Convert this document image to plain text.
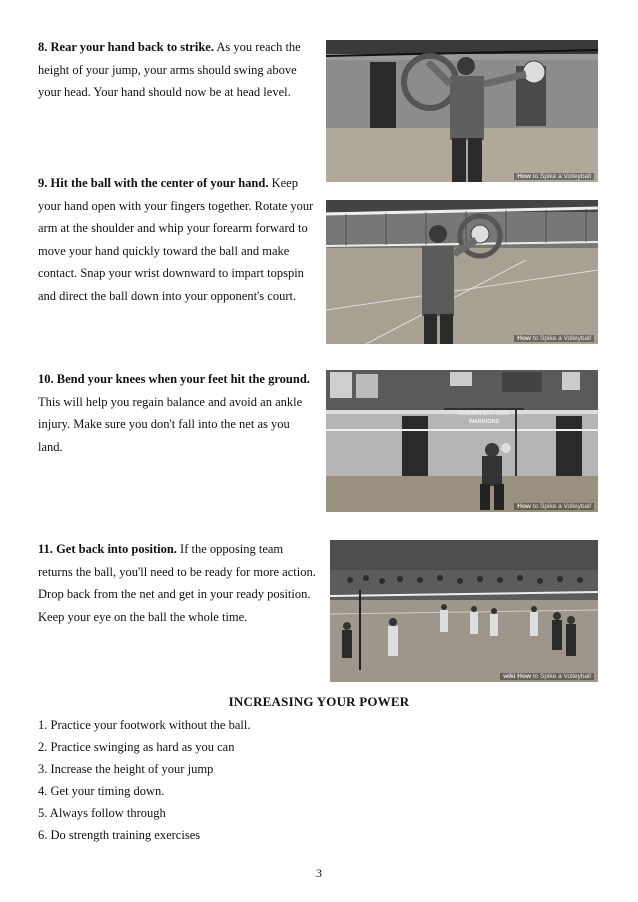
8. Rear your hand back to strike. As you reach the height of your jump, your arms should swing above your head. Your hand should now be at head level.
How to Spike a Volleyball
9. Hit the ball with the center of your hand. Keep your hand open with your fingers together. Rotate your arm at the shoulder and whip your forearm forward to move your hand quickly toward the ball and make contact. Snap your wrist downward to impart topspin and direct the ball down into your opponent's court.
How to Spike a Volleyball
10. Bend your knees when your feet hit the ground. This will help you regain balance and avoid an ankle injury. Make sure you don't fall into the net as you land.
MISSION SAN JOSE
WARRIORS
How to Spike a Volleyball
11. Get back into position. If the opposing team returns the ball, you'll need to be ready for more action. Drop back from the net and get in your ready position. Keep your eye on the ball the whole time.
wiki How to Spike a Volleyball
INCREASING YOUR POWER
1. Practice your footwork without the ball.
2. Practice swinging as hard as you can
3. Increase the height of your jump
4. Get your timing down.
5. Always follow through
6. Do strength training exercises
3
